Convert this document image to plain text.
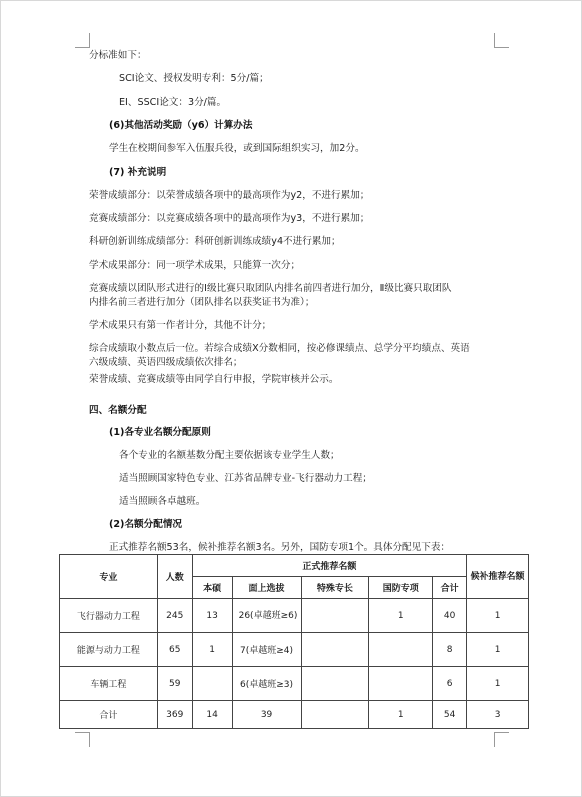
分标准如下：
SCI论文、授权发明专利：5分/篇；
EI、SSCI论文：3分/篇。
(6)其他活动奖励（y6）计算办法
学生在校期间参军入伍服兵役，或到国际组织实习，加2分。
(7) 补充说明
荣誉成绩部分：以荣誉成绩各项中的最高项作为y2，不进行累加；
竞赛成绩部分：以竞赛成绩各项中的最高项作为y3，不进行累加；
科研创新训练成绩部分：科研创新训练成绩y4不进行累加；
学术成果部分：同一项学术成果，只能算一次分；
竞赛成绩以团队形式进行的Ⅰ级比赛只取团队内排名前四者进行加分，Ⅱ级比赛只取团队
内排名前三者进行加分（团队排名以获奖证书为准）；
学术成果只有第一作者计分，其他不计分；
综合成绩取小数点后一位。若综合成绩Ⅹ分数相同，按必修课绩点、总学分平均绩点、英语
六级成绩、英语四级成绩依次排名；
荣誉成绩、竞赛成绩等由同学自行申报，学院审核并公示。
四、名额分配
(1)各专业名额分配原则
各个专业的名额基数分配主要依据该专业学生人数；
适当照顾国家特色专业、江苏省品牌专业-飞行器动力工程；
适当照顾各卓越班。
(2)名额分配情况
正式推荐名额53名，候补推荐名额3名。另外，国防专项1个。具体分配见下表：
专业	人数	正式推荐名额					候补推荐名额
		本硕	面上选拔	特殊专长	国防专项	合计	
飞行器动力工程	245	13	26(卓越班≥6)		1	40	1
能源与动力工程	65	1	7(卓越班≥4)			8	1
车辆工程	59		6(卓越班≥3)			6	1
合计	369	14	39		1	54	3
